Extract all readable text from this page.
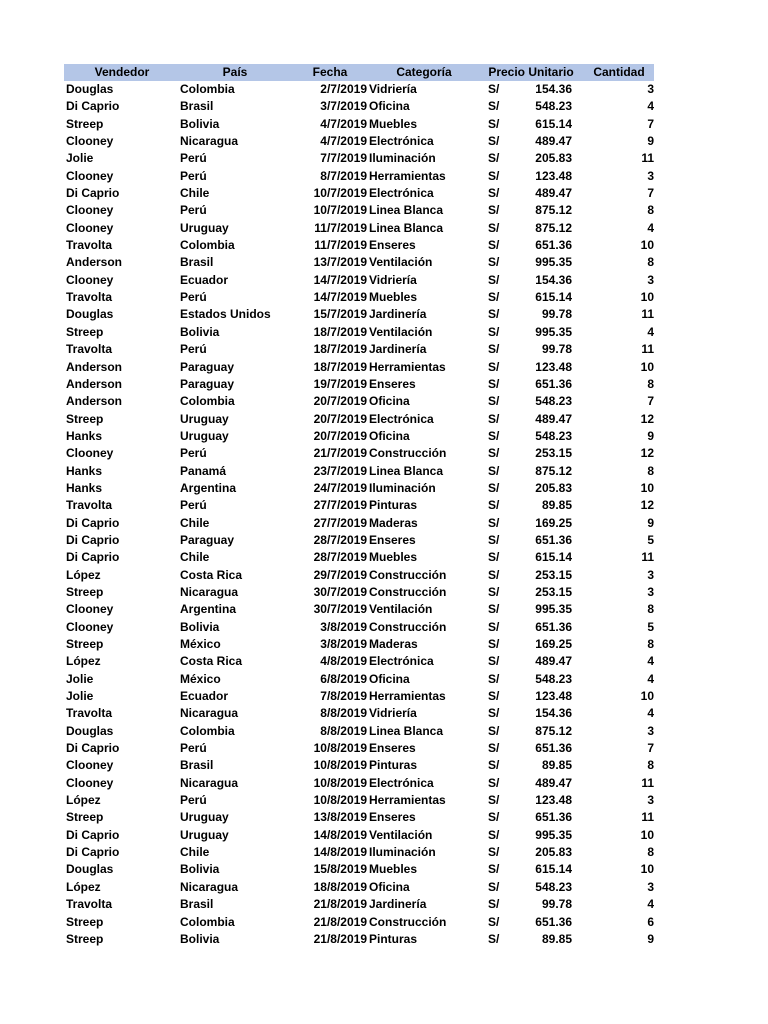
Vendedor	País	Fecha	Categoría	Precio Unitario	Cantidad
Douglas	Colombia	2/7/2019 Vidriería	S/	154.36	3
Di Caprio	Brasil	3/7/2019 Oficina	S/	548.23	4
Streep	Bolivia	4/7/2019 Muebles	S/	615.14	7
Clooney	Nicaragua	4/7/2019 Electrónica	S/	489.47	9
Jolie	Perú	7/7/2019 Iluminación	S/	205.83	11
Clooney	Perú	8/7/2019 Herramientas	S/	123.48	3
Di Caprio	Chile	10/7/2019 Electrónica	S/	489.47	7
Clooney	Perú	10/7/2019 Linea Blanca	S/	875.12	8
Clooney	Uruguay	11/7/2019 Linea Blanca	S/	875.12	4
Travolta	Colombia	11/7/2019 Enseres	S/	651.36	10
Anderson	Brasil	13/7/2019 Ventilación	S/	995.35	8
Clooney	Ecuador	14/7/2019 Vidriería	S/	154.36	3
Travolta	Perú	14/7/2019 Muebles	S/	615.14	10
Douglas	Estados Unidos	15/7/2019 Jardinería	S/	99.78	11
Streep	Bolivia	18/7/2019 Ventilación	S/	995.35	4
Travolta	Perú	18/7/2019 Jardinería	S/	99.78	11
Anderson	Paraguay	18/7/2019 Herramientas	S/	123.48	10
Anderson	Paraguay	19/7/2019 Enseres	S/	651.36	8
Anderson	Colombia	20/7/2019 Oficina	S/	548.23	7
Streep	Uruguay	20/7/2019 Electrónica	S/	489.47	12
Hanks	Uruguay	20/7/2019 Oficina	S/	548.23	9
Clooney	Perú	21/7/2019 Construcción	S/	253.15	12
Hanks	Panamá	23/7/2019 Linea Blanca	S/	875.12	8
Hanks	Argentina	24/7/2019 Iluminación	S/	205.83	10
Travolta	Perú	27/7/2019 Pinturas	S/	89.85	12
Di Caprio	Chile	27/7/2019 Maderas	S/	169.25	9
Di Caprio	Paraguay	28/7/2019 Enseres	S/	651.36	5
Di Caprio	Chile	28/7/2019 Muebles	S/	615.14	11
López	Costa Rica	29/7/2019 Construcción	S/	253.15	3
Streep	Nicaragua	30/7/2019 Construcción	S/	253.15	3
Clooney	Argentina	30/7/2019 Ventilación	S/	995.35	8
Clooney	Bolivia	3/8/2019 Construcción	S/	651.36	5
Streep	México	3/8/2019 Maderas	S/	169.25	8
López	Costa Rica	4/8/2019 Electrónica	S/	489.47	4
Jolie	México	6/8/2019 Oficina	S/	548.23	4
Jolie	Ecuador	7/8/2019 Herramientas	S/	123.48	10
Travolta	Nicaragua	8/8/2019 Vidriería	S/	154.36	4
Douglas	Colombia	8/8/2019 Linea Blanca	S/	875.12	3
Di Caprio	Perú	10/8/2019 Enseres	S/	651.36	7
Clooney	Brasil	10/8/2019 Pinturas	S/	89.85	8
Clooney	Nicaragua	10/8/2019 Electrónica	S/	489.47	11
López	Perú	10/8/2019 Herramientas	S/	123.48	3
Streep	Uruguay	13/8/2019 Enseres	S/	651.36	11
Di Caprio	Uruguay	14/8/2019 Ventilación	S/	995.35	10
Di Caprio	Chile	14/8/2019 Iluminación	S/	205.83	8
Douglas	Bolivia	15/8/2019 Muebles	S/	615.14	10
López	Nicaragua	18/8/2019 Oficina	S/	548.23	3
Travolta	Brasil	21/8/2019 Jardinería	S/	99.78	4
Streep	Colombia	21/8/2019 Construcción	S/	651.36	6
Streep	Bolivia	21/8/2019 Pinturas	S/	89.85	9
